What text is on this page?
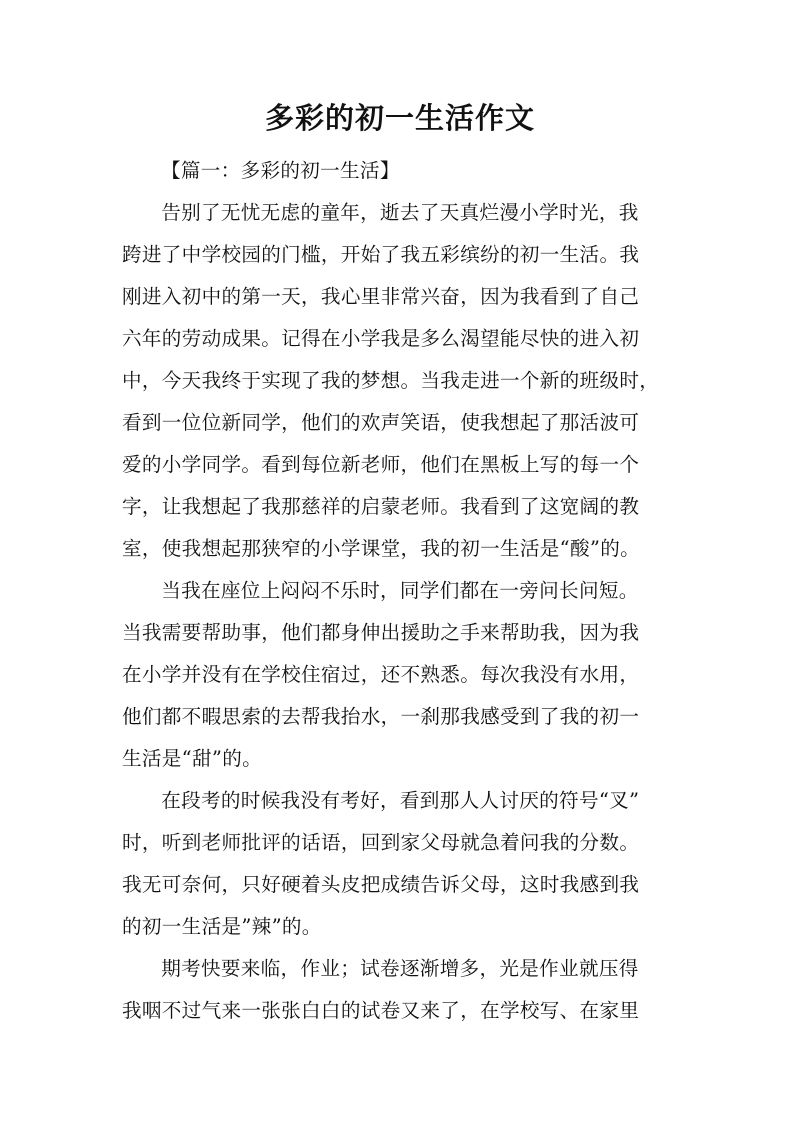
多彩的初一生活作文

【篇一：多彩的初一生活】

告别了无忧无虑的童年，逝去了天真烂漫小学时光，我
跨进了中学校园的门槛，开始了我五彩缤纷的初一生活。我
刚进入初中的第一天，我心里非常兴奋，因为我看到了自己
六年的劳动成果。记得在小学我是多么渴望能尽快的进入初
中，今天我终于实现了我的梦想。当我走进一个新的班级时，
看到一位位新同学，他们的欢声笑语，使我想起了那活波可
爱的小学同学。看到每位新老师，他们在黑板上写的每一个
字，让我想起了我那慈祥的启蒙老师。我看到了这宽阔的教
室，使我想起那狭窄的小学课堂，我的初一生活是“酸”的。

当我在座位上闷闷不乐时，同学们都在一旁问长问短。
当我需要帮助事，他们都身伸出援助之手来帮助我，因为我
在小学并没有在学校住宿过，还不熟悉。每次我没有水用，
他们都不暇思索的去帮我抬水，一刹那我感受到了我的初一
生活是“甜”的。

在段考的时候我没有考好，看到那人人讨厌的符号“叉”
时，听到老师批评的话语，回到家父母就急着问我的分数。
我无可奈何，只好硬着头皮把成绩告诉父母，这时我感到我
的初一生活是”辣”的。

期考快要来临，作业；试卷逐渐增多，光是作业就压得
我咽不过气来一张张白白的试卷又来了，在学校写、在家里
